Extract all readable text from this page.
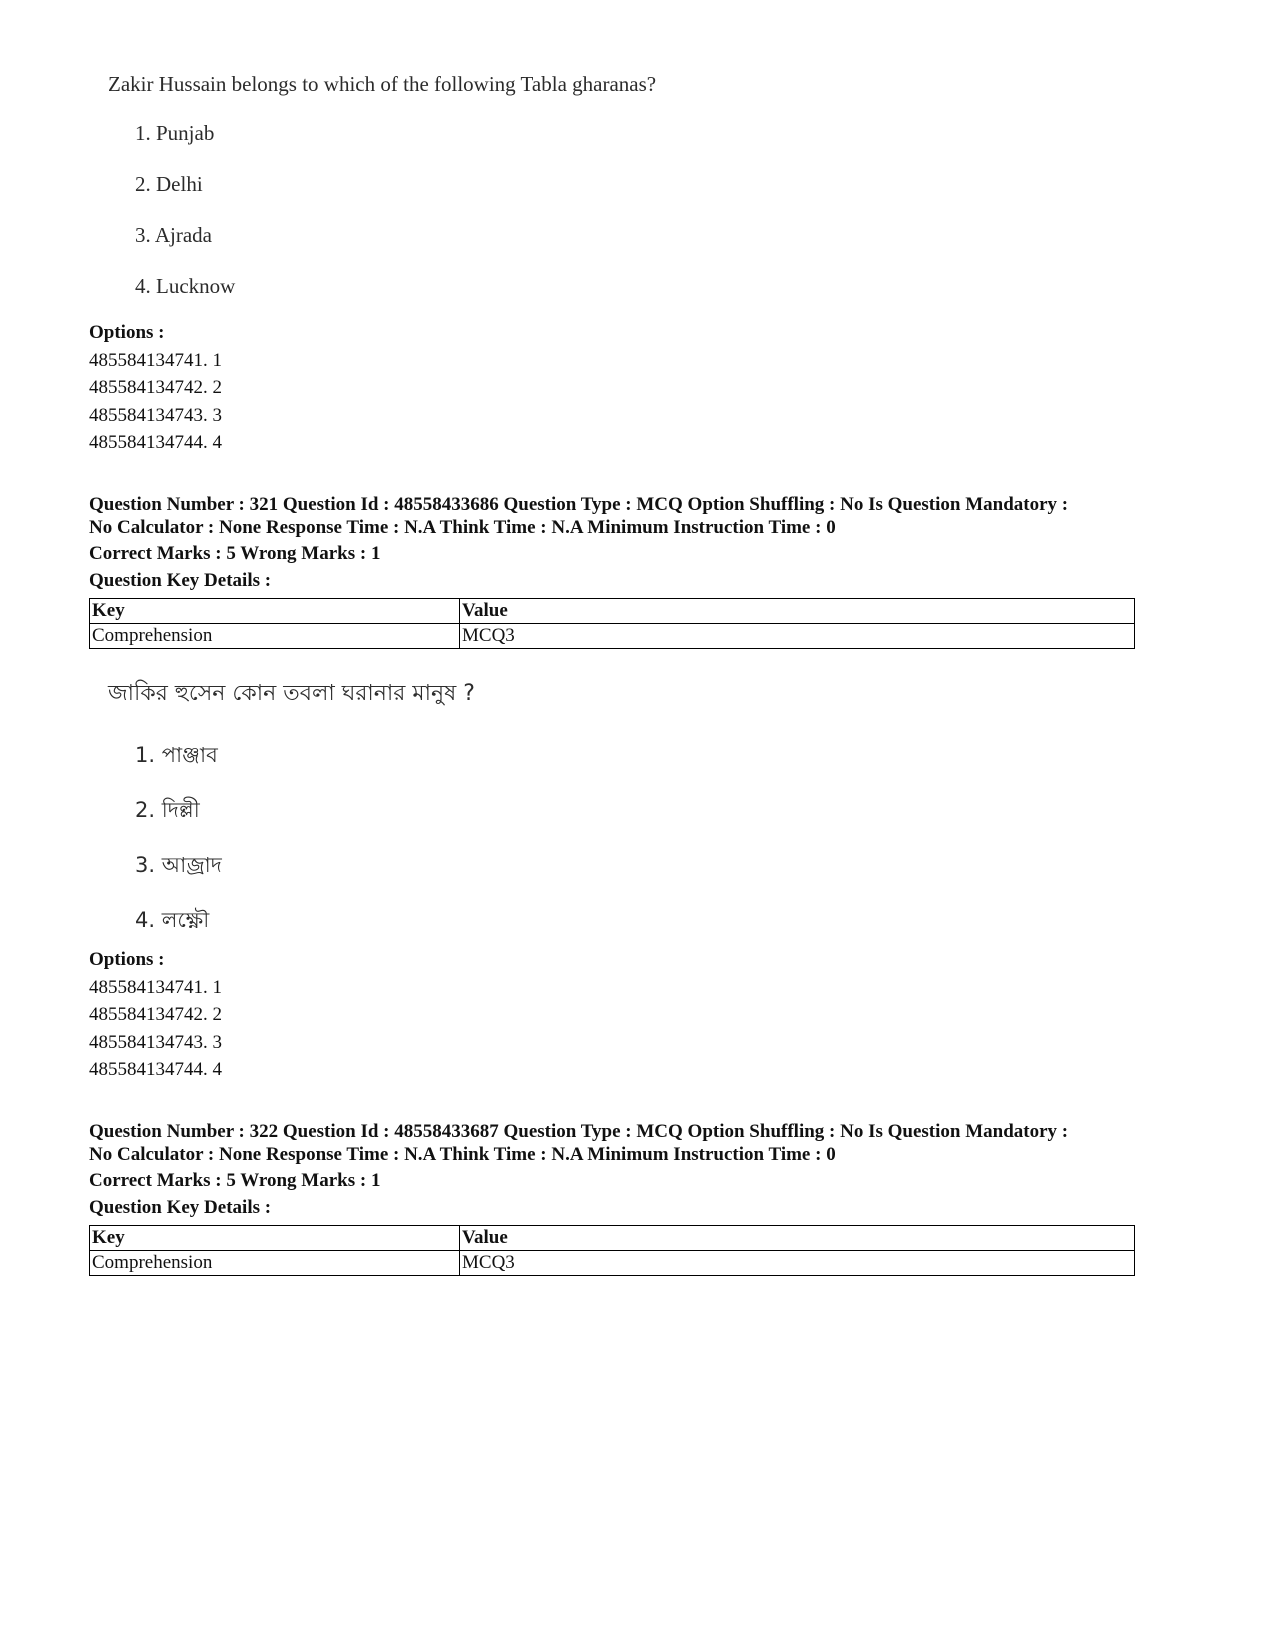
Zakir Hussain belongs to which of the following Tabla gharanas?

1. Punjab
2. Delhi
3. Ajrada
4. Lucknow
Options :
485584134741. 1
485584134742. 2
485584134743. 3
485584134744. 4
Question Number : 321 Question Id : 48558433686 Question Type : MCQ Option Shuffling : No Is Question Mandatory :
No Calculator : None Response Time : N.A Think Time : N.A Minimum Instruction Time : 0
Correct Marks : 5 Wrong Marks : 1
Question Key Details :
Key	Value
Comprehension	MCQ3

জাকির হুসেন কোন তবলা ঘরানার মানুষ ?

1. পাঞ্জাব
2. দিল্লী
3. আজ্রাদ
4. লক্ষ্ণৌ
Options :
485584134741. 1
485584134742. 2
485584134743. 3
485584134744. 4
Question Number : 322 Question Id : 48558433687 Question Type : MCQ Option Shuffling : No Is Question Mandatory :
No Calculator : None Response Time : N.A Think Time : N.A Minimum Instruction Time : 0
Correct Marks : 5 Wrong Marks : 1
Question Key Details :
Key	Value
Comprehension	MCQ3
